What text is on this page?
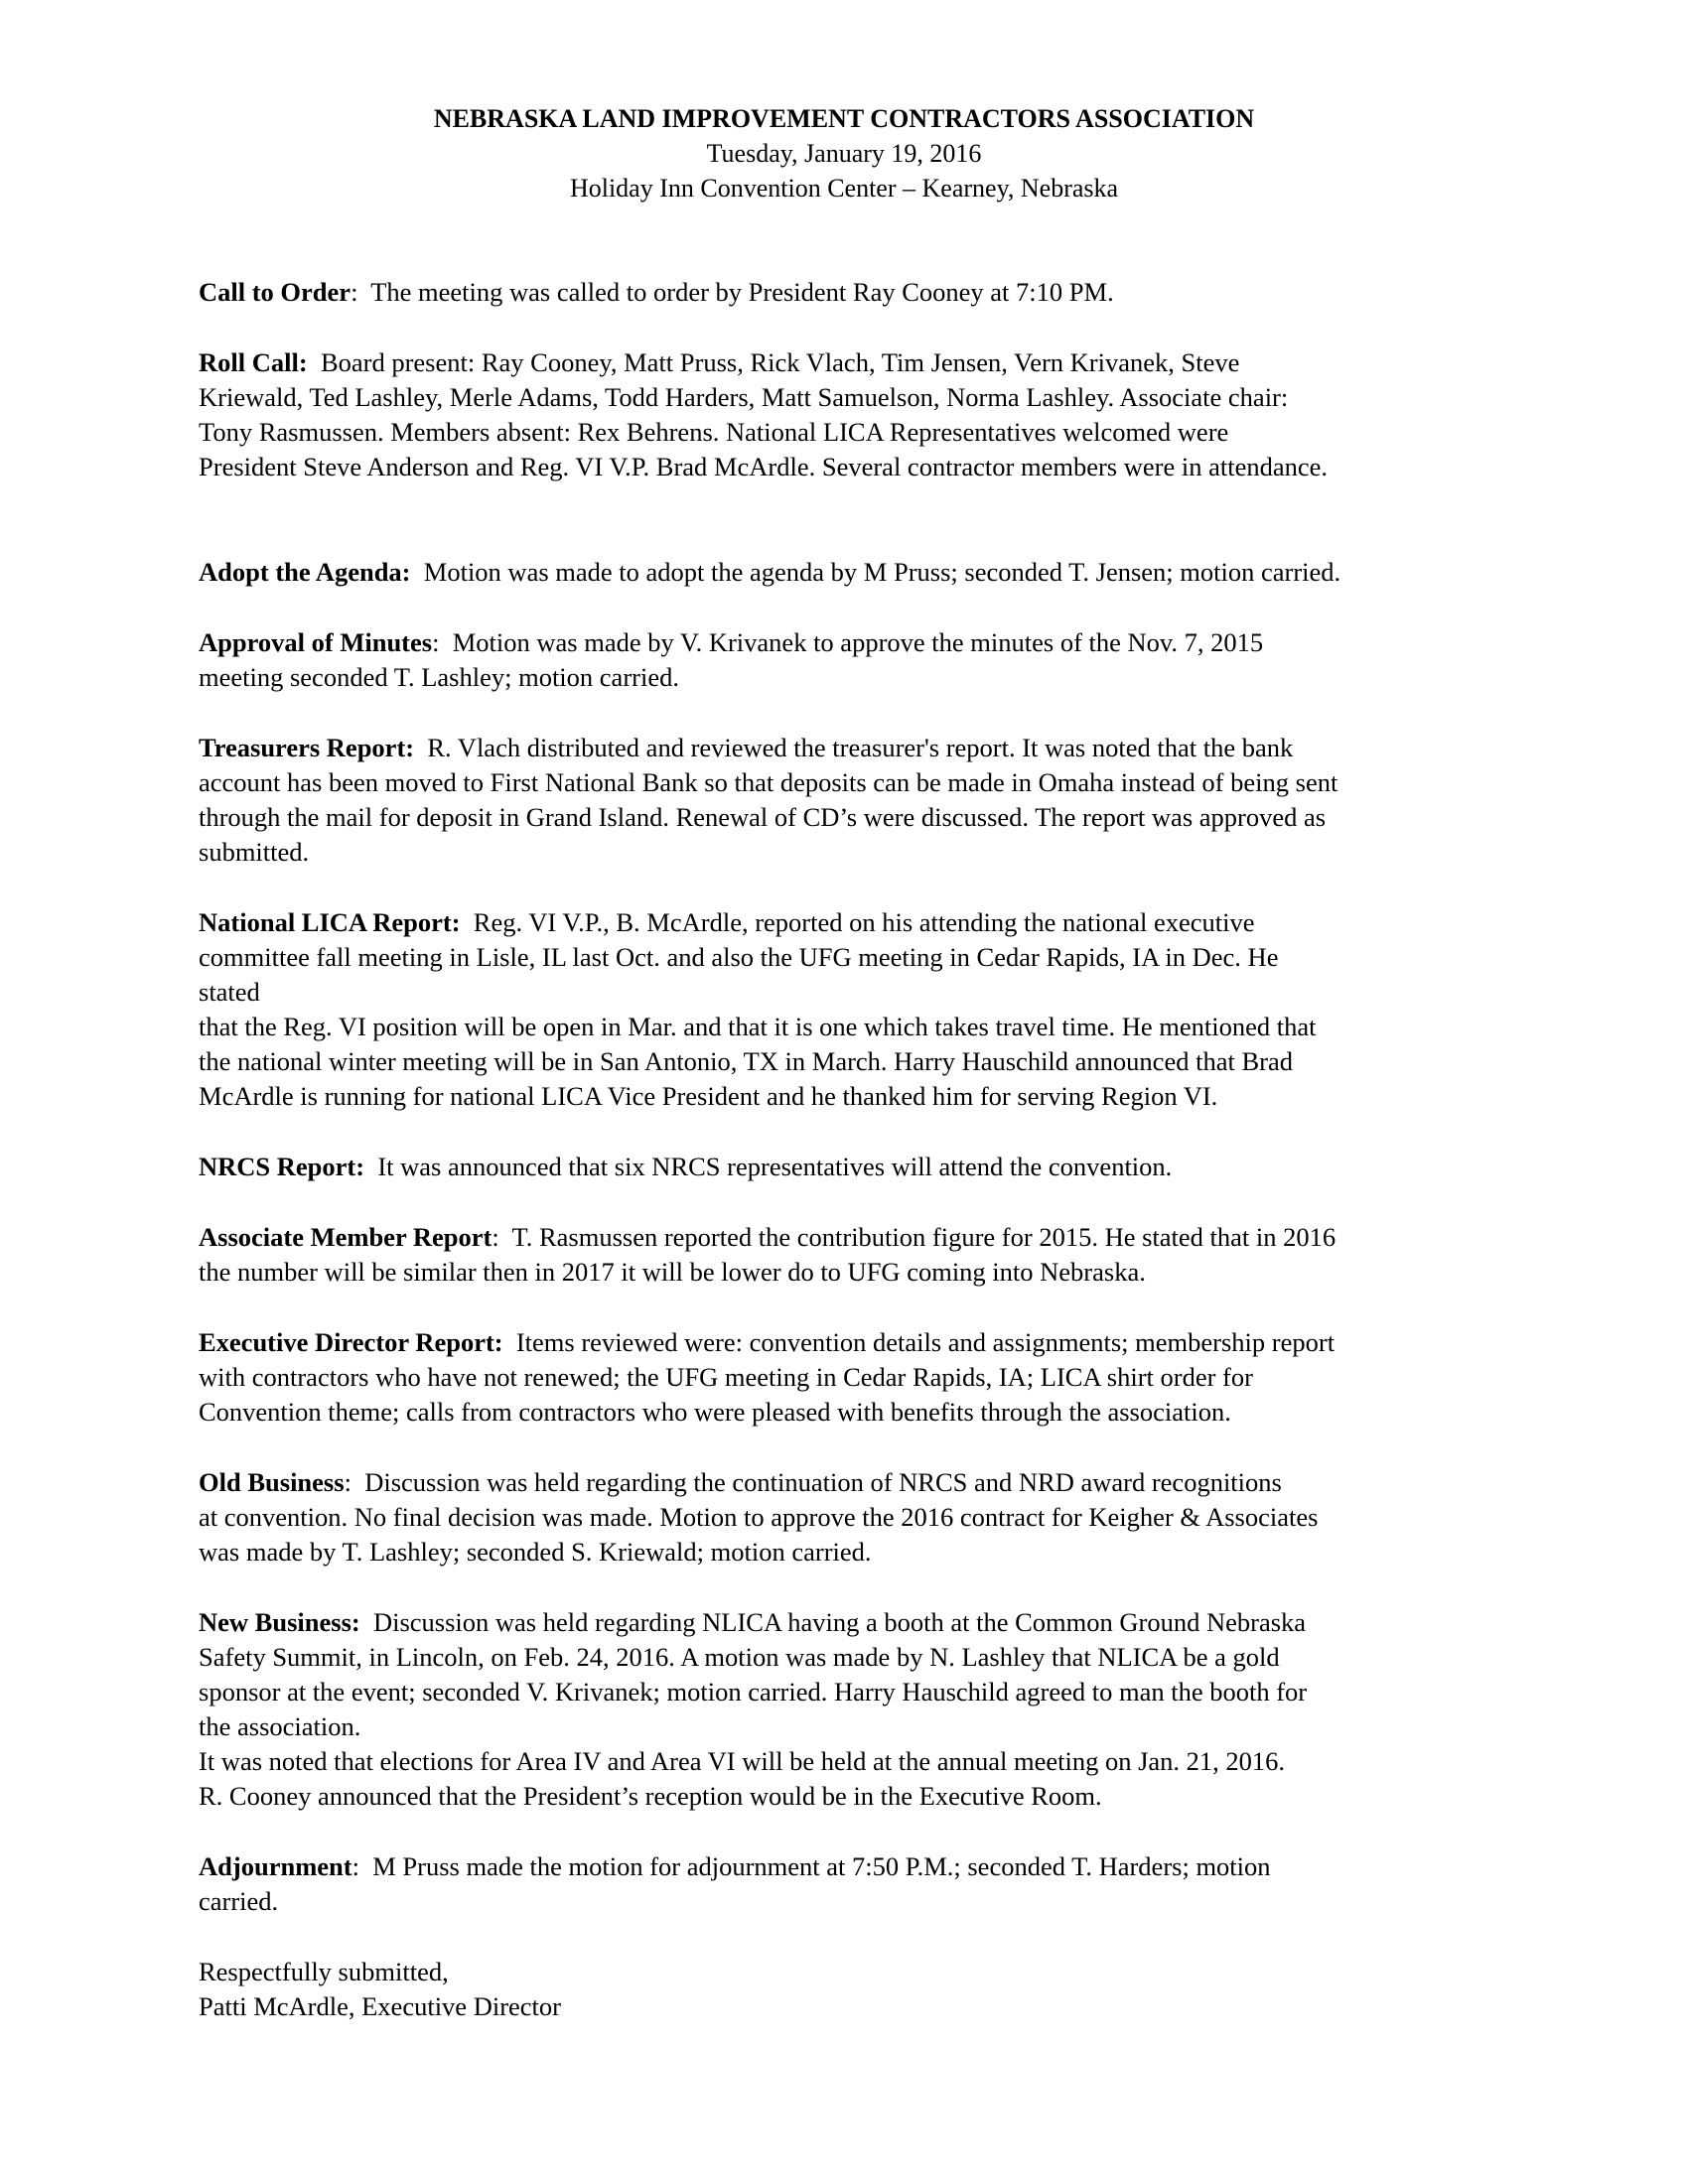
NEBRASKA LAND IMPROVEMENT CONTRACTORS ASSOCIATION

Tuesday, January 19, 2016

Holiday Inn Convention Center – Kearney, Nebraska

Call to Order:  The meeting was called to order by President Ray Cooney at 7:10 PM.

Roll Call: Board present: Ray Cooney, Matt Pruss, Rick Vlach, Tim Jensen, Vern Krivanek, Steve
Kriewald, Ted Lashley, Merle Adams, Todd Harders, Matt Samuelson, Norma Lashley. Associate chair:
Tony Rasmussen. Members absent: Rex Behrens. National LICA Representatives welcomed were
President Steve Anderson and Reg. VI V.P. Brad McArdle. Several contractor members were in attendance.

Adopt the Agenda: Motion was made to adopt the agenda by M Pruss; seconded T. Jensen; motion carried.

Approval of Minutes:  Motion was made by V. Krivanek to approve the minutes of the Nov. 7, 2015
meeting seconded T. Lashley; motion carried.

Treasurers Report: R. Vlach distributed and reviewed the treasurer's report. It was noted that the bank
account has been moved to First National Bank so that deposits can be made in Omaha instead of being sent
through the mail for deposit in Grand Island. Renewal of CD’s were discussed. The report was approved as
submitted.

National LICA Report: Reg. VI V.P., B. McArdle, reported on his attending the national executive
committee fall meeting in Lisle, IL last Oct. and also the UFG meeting in Cedar Rapids, IA in Dec. He
stated
that the Reg. VI position will be open in Mar. and that it is one which takes travel time. He mentioned that
the national winter meeting will be in San Antonio, TX in March. Harry Hauschild announced that Brad
McArdle is running for national LICA Vice President and he thanked him for serving Region VI.

NRCS Report: It was announced that six NRCS representatives will attend the convention.

Associate Member Report:  T. Rasmussen reported the contribution figure for 2015. He stated that in 2016
the number will be similar then in 2017 it will be lower do to UFG coming into Nebraska.

Executive Director Report: Items reviewed were: convention details and assignments; membership report
with contractors who have not renewed; the UFG meeting in Cedar Rapids, IA; LICA shirt order for
Convention theme; calls from contractors who were pleased with benefits through the association.

Old Business:  Discussion was held regarding the continuation of NRCS and NRD award recognitions
at convention. No final decision was made. Motion to approve the 2016 contract for Keigher & Associates
was made by T. Lashley; seconded S. Kriewald; motion carried.

New Business: Discussion was held regarding NLICA having a booth at the Common Ground Nebraska
Safety Summit, in Lincoln, on Feb. 24, 2016. A motion was made by N. Lashley that NLICA be a gold
sponsor at the event; seconded V. Krivanek; motion carried. Harry Hauschild agreed to man the booth for
the association.
It was noted that elections for Area IV and Area VI will be held at the annual meeting on Jan. 21, 2016.
R. Cooney announced that the President’s reception would be in the Executive Room.

Adjournment:  M Pruss made the motion for adjournment at 7:50 P.M.; seconded T. Harders; motion
carried.

Respectfully submitted,
Patti McArdle, Executive Director
